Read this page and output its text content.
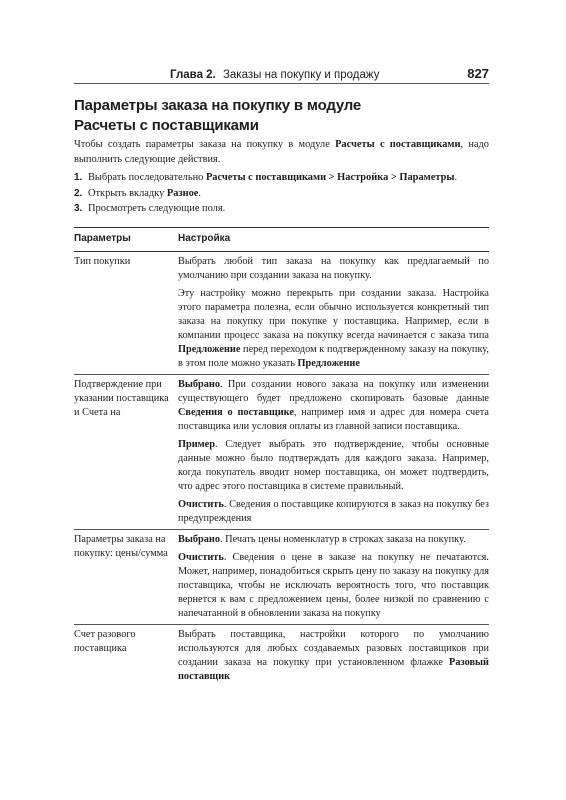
Глава 2. Заказы на покупку и продажу	827
Параметры заказа на покупку в модуле
Расчеты с поставщиками

Чтобы создать параметры заказа на покупку в модуле Расчеты с поставщиками, надо выполнить следующие действия.

1. Выбрать последовательно Расчеты с поставщиками > Настройка > Параметры.
2. Открыть вкладку Разное.
3. Просмотреть следующие поля.
Параметры	Настройка
Тип покупки	Выбрать любой тип заказа на покупку как предлагаемый по умолчанию при создании заказа на покупку.

Эту настройку можно перекрыть при создании заказа. Настройка этого параметра полезна, если обычно используется конкретный тип заказа на покупку при покупке у поставщика. Например, если в компании процесс заказа на покупку всегда начинается с заказа типа Предложение перед переходом к подтвержденному заказу на покупку, в этом поле можно указать Предложение

Подтверждение при указании поставщика и Счета на	Выбрано. При создании нового заказа на покупку или изменении существующего будет предложено скопировать базовые данные Сведения о поставщике, например имя и адрес для номера счета поставщика или условия оплаты из главной записи поставщика.

Пример. Следует выбрать это подтверждение, чтобы основные данные можно было подтверждать для каждого заказа. Например, когда покупатель вводит номер поставщика, он может подтвердить, что адрес этого поставщика в системе правильный.

Очистить. Сведения о поставщике копируются в заказ на покупку без предупреждения

Параметры заказа на покупку: цены/сумма	Выбрано. Печать цены номенклатур в строках заказа на покупку.

Очистить. Сведения о цене в заказе на покупку не печатаются. Может, например, понадобиться скрыть цену по заказу на покупку для поставщика, чтобы не исключать вероятность того, что поставщик вернется к вам с предложением цены, более низкой по сравнению с напечатанной в обновлении заказа на покупку

Счет разового поставщика	Выбрать поставщика, настройки которого по умолчанию используются для любых создаваемых разовых поставщиков при создании заказа на покупку при установленном флажке Разовый поставщик
